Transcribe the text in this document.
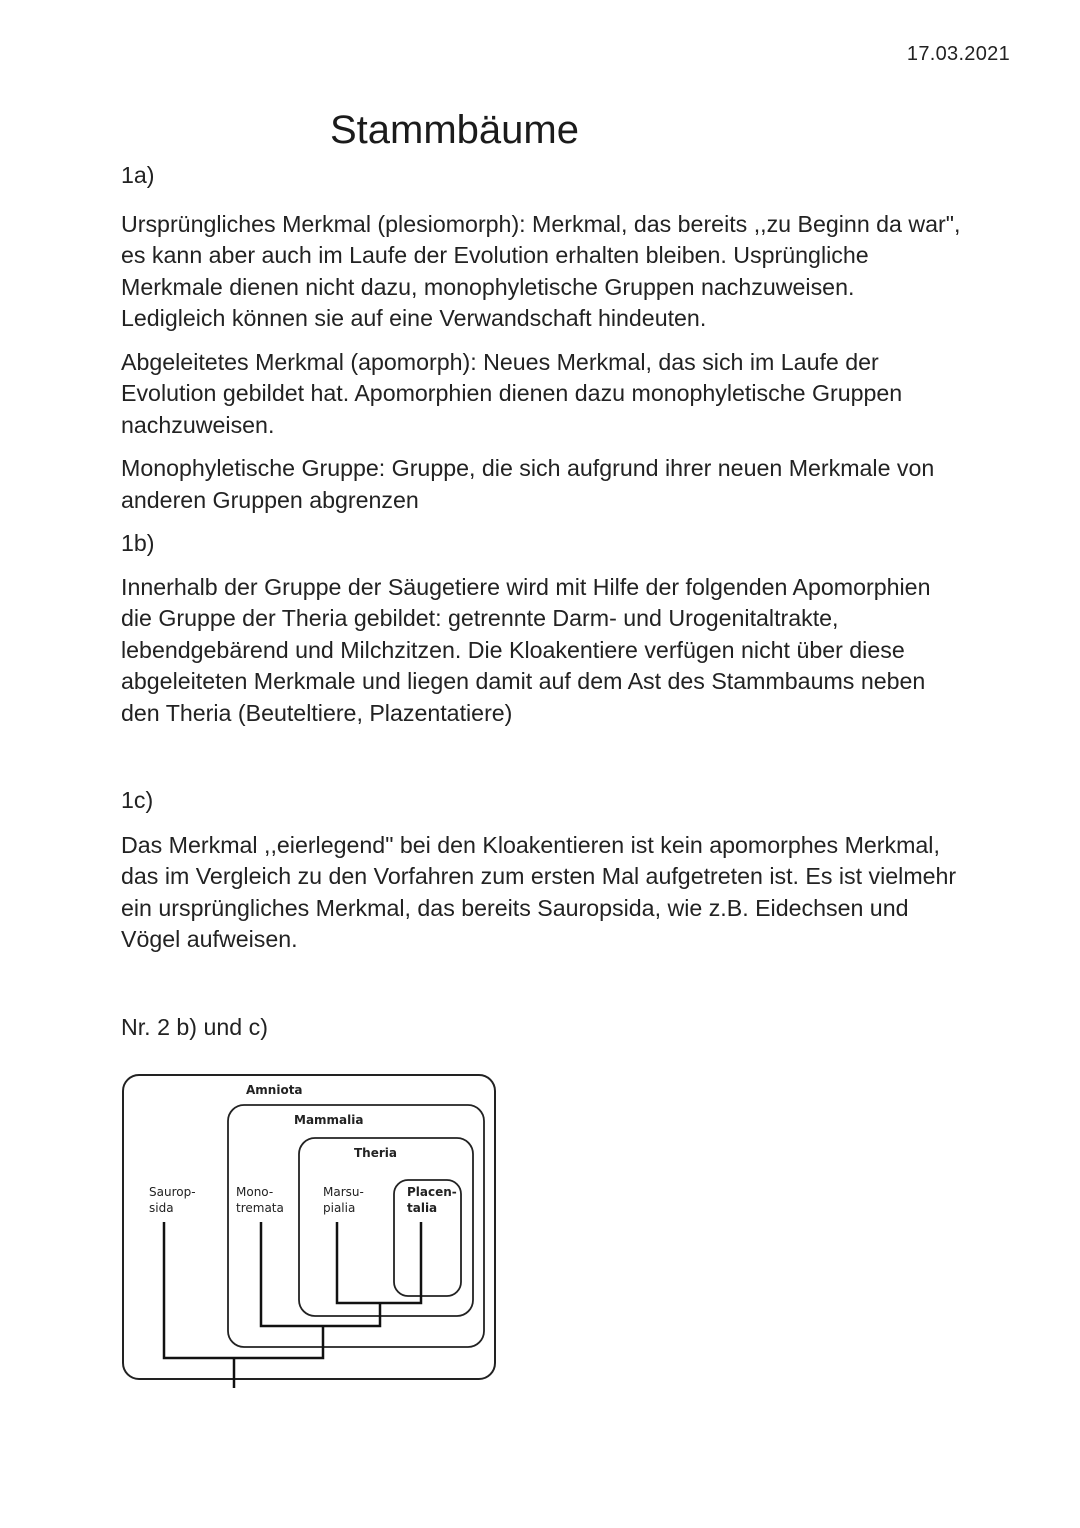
17.03.2021
Stammbäume

1a)

Ursprüngliches Merkmal (plesiomorph): Merkmal, das bereits ,,zu Beginn da war", es kann aber auch im Laufe der Evolution erhalten bleiben. Usprüngliche Merkmale dienen nicht dazu, monophyletische Gruppen nachzuweisen. Ledigleich können sie auf eine Verwandschaft hindeuten.

Abgeleitetes Merkmal (apomorph): Neues Merkmal, das sich im Laufe der Evolution gebildet hat. Apomorphien dienen dazu monophyletische Gruppen nachzuweisen.

Monophyletische Gruppe: Gruppe, die sich aufgrund ihrer neuen Merkmale von anderen Gruppen abgrenzen

1b)

Innerhalb der Gruppe der Säugetiere wird mit Hilfe der folgenden Apomorphien die Gruppe der Theria gebildet: getrennte Darm- und Urogenitaltrakte, lebendgebärend und Milchzitzen. Die Kloakentiere verfügen nicht über diese abgeleiteten Merkmale und liegen damit auf dem Ast des Stammbaums neben den Theria (Beuteltiere, Plazentatiere)

1c)

Das Merkmal ,,eierlegend" bei den Kloakentieren ist kein apomorphes Merkmal, das im Vergleich zu den Vorfahren zum ersten Mal aufgetreten ist. Es ist vielmehr ein ursprüngliches Merkmal, das bereits Sauropsida, wie z.B. Eidechsen und Vögel aufweisen.

Nr. 2 b) und c)

Amniota
Mammalia
Theria
Saurop-
sida
Mono-
tremata
Marsu-
pialia
Placen-
talia
